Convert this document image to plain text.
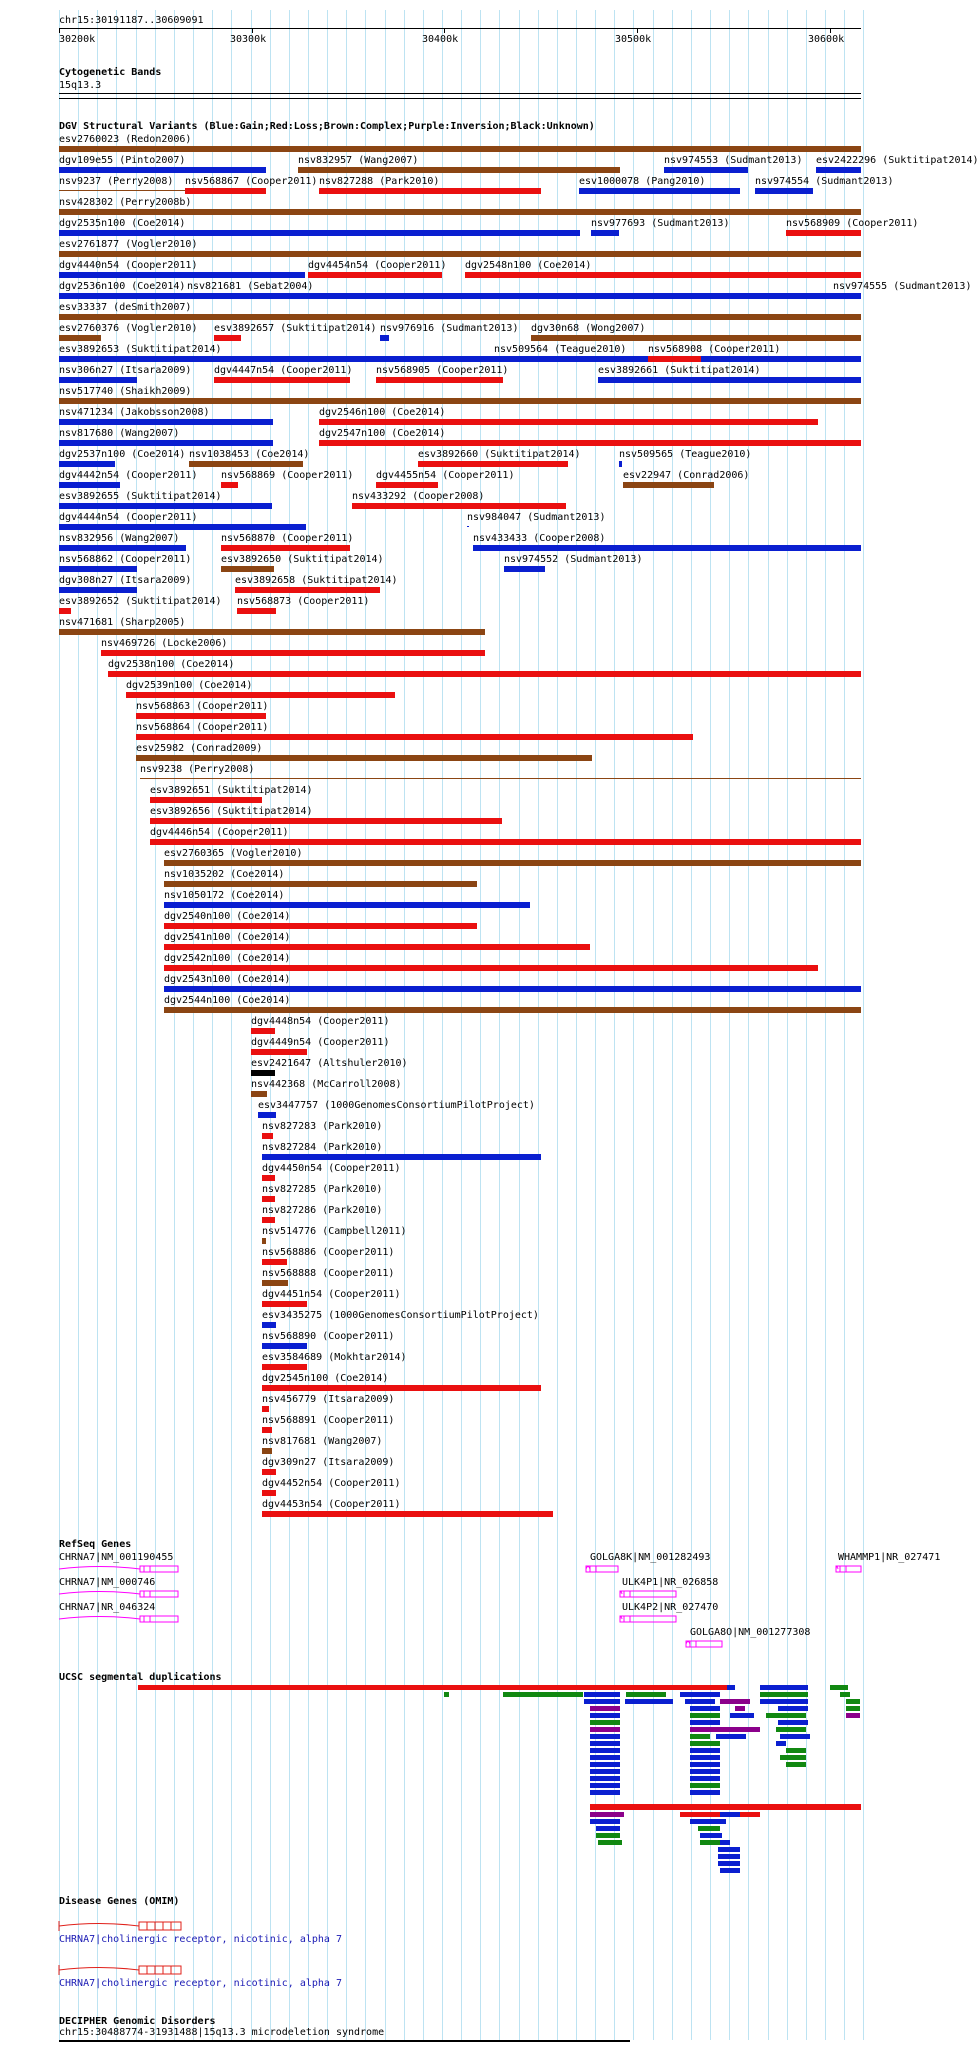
chr15:30191187..30609091
30200k	30300k	30400k	30500k	30600k
Cytogenetic Bands
15q13.3
DGV Structural Variants (Blue:Gain;Red:Loss;Brown:Complex;Purple:Inversion;Black:Unknown)
esv2760023 (Redon2006)
dgv109e55 (Pinto2007)	nsv832957 (Wang2007)	nsv974553 (Sudmant2013) esv2422296 (Suktitipat2014)
nsv9237 (Perry2008) nsv568867 (Cooper2011) nsv827288 (Park2010)	esv1000078 (Pang2010)	nsv974554 (Sudmant2013)
nsv428302 (Perry2008b)
dgv2535n100 (Coe2014)	nsv977693 (Sudmant2013)	nsv568909 (Cooper2011)
esv2761877 (Vogler2010)
dgv4440n54 (Cooper2011)	dgv4454n54 (Cooper2011) dgv2548n100 (Coe2014)
dgv2536n100 (Coe2014) nsv821681 (Sebat2004)	nsv974555 (Sudmant2013)
esv33337 (deSmith2007)
esv2760376 (Vogler2010) esv3892657 (Suktitipat2014) nsv976916 (Sudmant2013) dgv30n68 (Wong2007)
esv3892653 (Suktitipat2014)	nsv509564 (Teague2010) nsv568908 (Cooper2011)
nsv306n27 (Itsara2009) dgv4447n54 (Cooper2011) nsv568905 (Cooper2011)	esv3892661 (Suktitipat2014)
nsv517740 (Shaikh2009)
nsv471234 (Jakobsson2008)	dgv2546n100 (Coe2014)
nsv817680 (Wang2007)	dgv2547n100 (Coe2014)
dgv2537n100 (Coe2014) nsv1038453 (Coe2014)	esv3892660 (Suktitipat2014)	nsv509565 (Teague2010)
dgv4442n54 (Cooper2011) nsv568869 (Cooper2011) dgv4455n54 (Cooper2011)	esv22947 (Conrad2006)
esv3892655 (Suktitipat2014)	nsv433292 (Cooper2008)
dgv4444n54 (Cooper2011)	nsv984047 (Sudmant2013)
nsv832956 (Wang2007)	nsv568870 (Cooper2011)	nsv433433 (Cooper2008)
nsv568862 (Cooper2011)	esv3892650 (Suktitipat2014)	nsv974552 (Sudmant2013)
dgv308n27 (Itsara2009)	esv3892658 (Suktitipat2014)
esv3892652 (Suktitipat2014) nsv568873 (Cooper2011)
nsv471681 (Sharp2005)
nsv469726 (Locke2006)
dgv2538n100 (Coe2014)
dgv2539n100 (Coe2014)
nsv568863 (Cooper2011)
nsv568864 (Cooper2011)
esv25982 (Conrad2009)
nsv9238 (Perry2008)
esv3892651 (Suktitipat2014)
esv3892656 (Suktitipat2014)
dgv4446n54 (Cooper2011)
esv2760365 (Vogler2010)
nsv1035202 (Coe2014)
nsv1050172 (Coe2014)
dgv2540n100 (Coe2014)
dgv2541n100 (Coe2014)
dgv2542n100 (Coe2014)
dgv2543n100 (Coe2014)
dgv2544n100 (Coe2014)
dgv4448n54 (Cooper2011)
dgv4449n54 (Cooper2011)
esv2421647 (Altshuler2010)
nsv442368 (McCarroll2008)
esv3447757 (1000GenomesConsortiumPilotProject)
nsv827283 (Park2010)
nsv827284 (Park2010)
dgv4450n54 (Cooper2011)
nsv827285 (Park2010)
nsv827286 (Park2010)
nsv514776 (Campbell2011)
nsv568886 (Cooper2011)
nsv568888 (Cooper2011)
dgv4451n54 (Cooper2011)
esv3435275 (1000GenomesConsortiumPilotProject)
nsv568890 (Cooper2011)
esv3584689 (Mokhtar2014)
dgv2545n100 (Coe2014)
nsv456779 (Itsara2009)
nsv568891 (Cooper2011)
nsv817681 (Wang2007)
dgv309n27 (Itsara2009)
dgv4452n54 (Cooper2011)
dgv4453n54 (Cooper2011)
RefSeq Genes
CHRNA7|NM_001190455
CHRNA7|NM_000746
CHRNA7|NR_046324
GOLGA8K|NM_001282493	WHAMMP1|NR_027471
ULK4P1|NR_026858
ULK4P2|NR_027470
GOLGA8O|NM_001277308
UCSC segmental duplications
Disease Genes (OMIM)
CHRNA7|cholinergic receptor, nicotinic, alpha 7
CHRNA7|cholinergic receptor, nicotinic, alpha 7
DECIPHER Genomic Disorders
chr15:30488774-31931488|15q13.3 microdeletion syndrome
